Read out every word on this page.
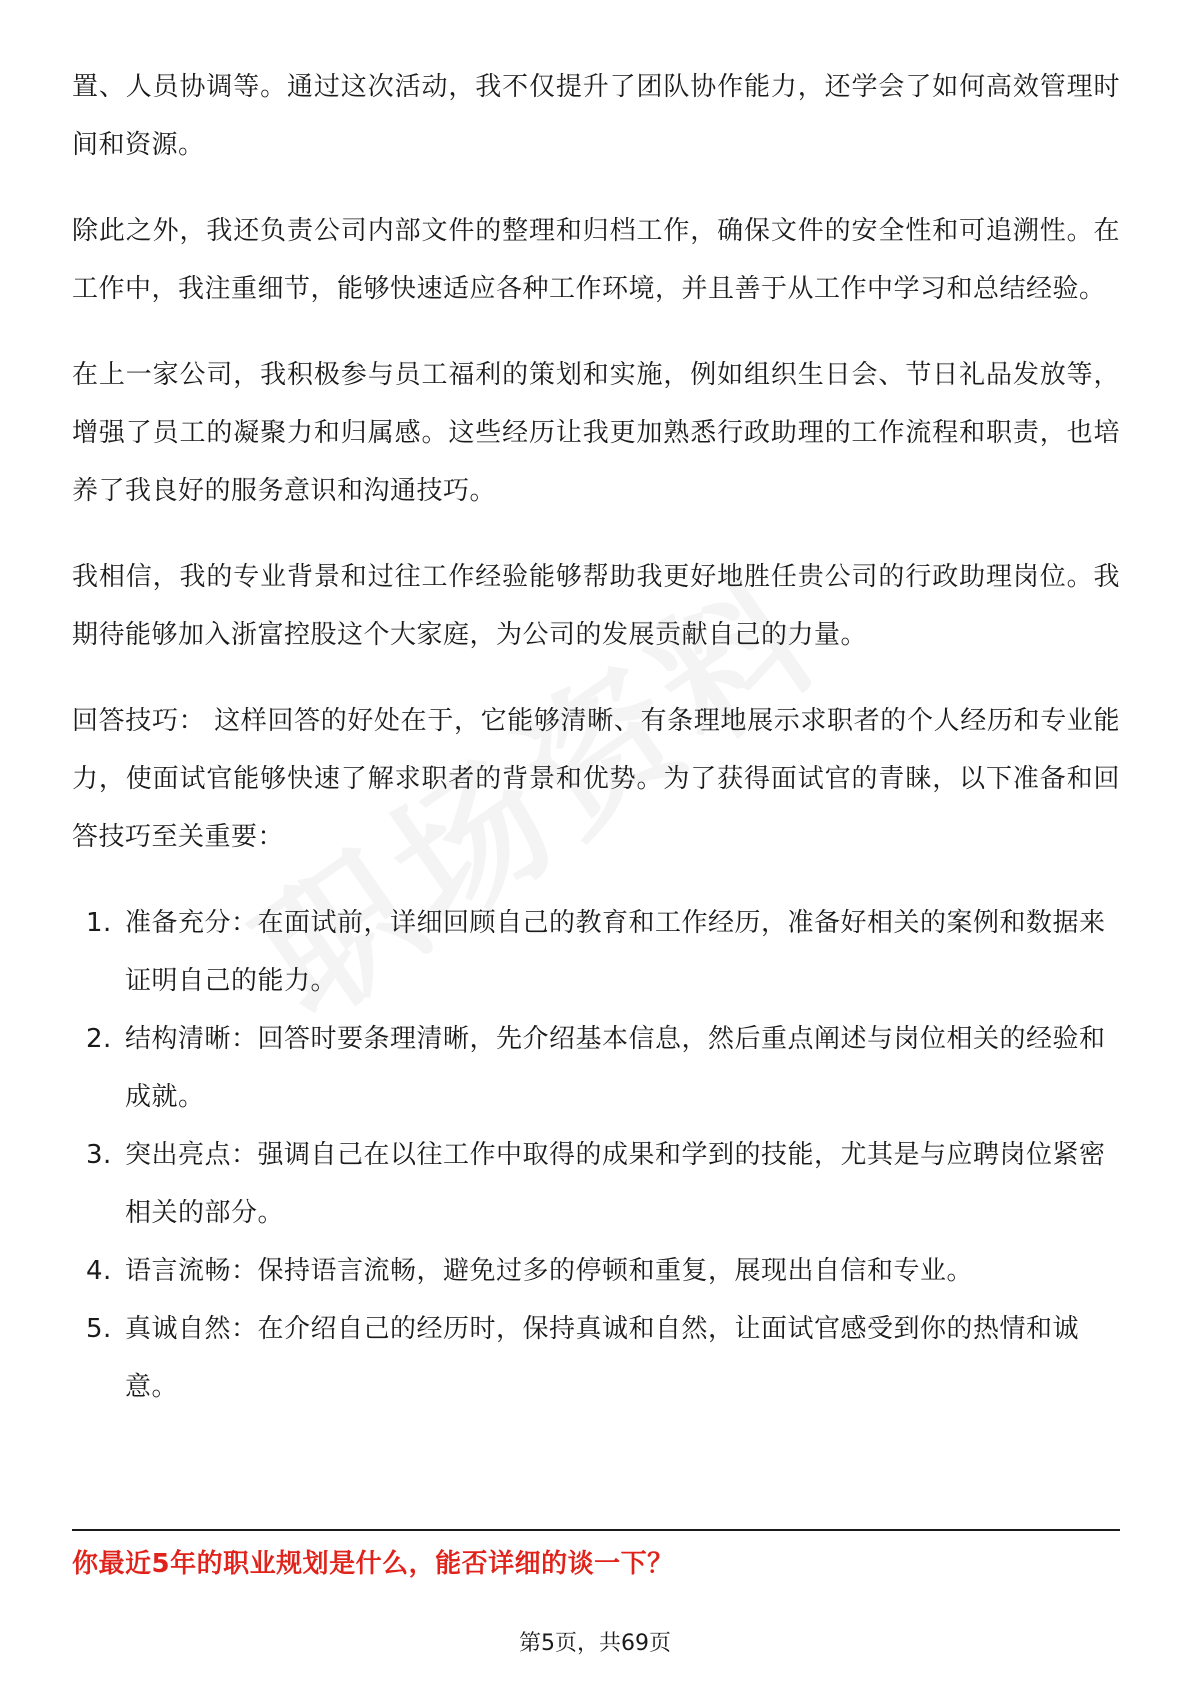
置、人员协调等。通过这次活动，我不仅提升了团队协作能力，还学会了如何高效管理时间和资源。

除此之外，我还负责公司内部文件的整理和归档工作，确保文件的安全性和可追溯性。在工作中，我注重细节，能够快速适应各种工作环境，并且善于从工作中学习和总结经验。

在上一家公司，我积极参与员工福利的策划和实施，例如组织生日会、节日礼品发放等，增强了员工的凝聚力和归属感。这些经历让我更加熟悉行政助理的工作流程和职责，也培养了我良好的服务意识和沟通技巧。

我相信，我的专业背景和过往工作经验能够帮助我更好地胜任贵公司的行政助理岗位。我期待能够加入浙富控股这个大家庭，为公司的发展贡献自己的力量。

回答技巧： 这样回答的好处在于，它能够清晰、有条理地展示求职者的个人经历和专业能力，使面试官能够快速了解求职者的背景和优势。为了获得面试官的青睐，以下准备和回答技巧至关重要：

1. 准备充分：在面试前，详细回顾自己的教育和工作经历，准备好相关的案例和数据来证明自己的能力。
2. 结构清晰：回答时要条理清晰，先介绍基本信息，然后重点阐述与岗位相关的经验和成就。
3. 突出亮点：强调自己在以往工作中取得的成果和学到的技能，尤其是与应聘岗位紧密相关的部分。
4. 语言流畅：保持语言流畅，避免过多的停顿和重复，展现出自信和专业。
5. 真诚自然：在介绍自己的经历时，保持真诚和自然，让面试官感受到你的热情和诚意。
你最近5年的职业规划是什么，能否详细的谈一下？
第5页，共69页
